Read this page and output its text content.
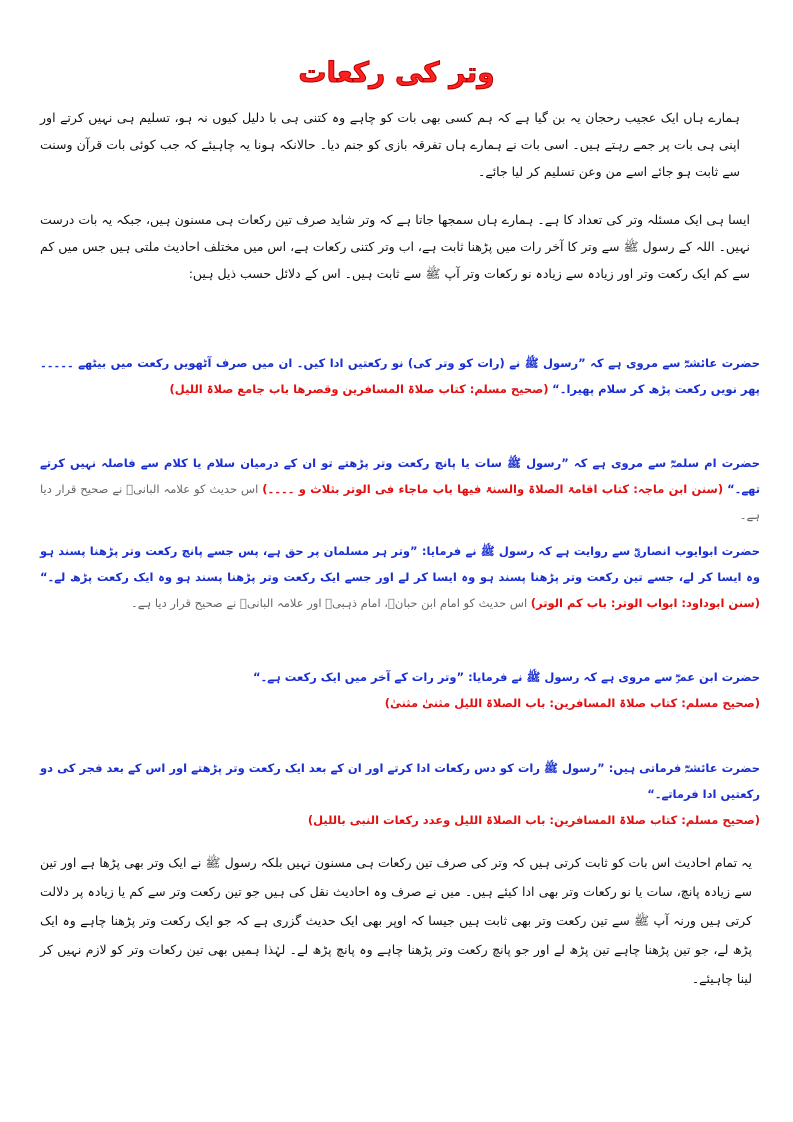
وتر کی رکعات

ہمارے ہاں ایک عجیب رحجان یہ بن گیا ہے کہ ہم کسی بھی بات کو چاہے وہ کتنی ہی با دلیل کیوں نہ ہو، تسلیم ہی نہیں کرتے اور اپنی ہی بات پر جمے رہتے ہیں۔ اسی بات نے ہمارے ہاں تفرقہ بازی کو جنم دیا۔ حالانکہ ہونا یہ چاہیئے کہ جب کوئی بات قرآن وسنت سے ثابت ہو جائے اسے من وعن تسلیم کر لیا جائے۔

ایسا ہی ایک مسئلہ وتر کی تعداد کا ہے۔ ہمارے ہاں سمجھا جاتا ہے کہ وتر شاید صرف تین رکعات ہی مسنون ہیں، جبکہ یہ بات درست نہیں۔ اللہ کے رسول ﷺ سے وتر کا آخر رات میں پڑھنا ثابت ہے، اب وتر کتنی رکعات ہے، اس میں مختلف احادیث ملتی ہیں جس میں کم سے کم ایک رکعت وتر اور زیادہ سے زیادہ نو رکعات وتر آپ ﷺ سے ثابت ہیں۔ اس کے دلائل حسب ذیل ہیں:

حضرت عائشہؓ سے مروی ہے کہ ”رسول ﷺ نے (رات کو وتر کی) نو رکعتیں ادا کیں۔ ان میں صرف آٹھویں رکعت میں بیٹھے ۔۔۔۔۔ پھر نویں رکعت پڑھ کر سلام پھیرا۔“ (صحیح مسلم: کتاب صلاۃ المسافرین وقصرھا باب جامع صلاۃ اللیل)
حضرت ام سلمہؓ سے مروی ہے کہ ”رسول ﷺ سات یا پانچ رکعت وتر پڑھتے تو ان کے درمیان سلام یا کلام سے فاصلہ نہیں کرتے تھے۔“ (سنن ابن ماجہ: کتاب اقامۃ الصلاۃ والسنۃ فیھا باب ماجاء فی الوتر بثلاث و ۔۔۔۔) اس حدیث کو علامہ البانیؒ نے صحیح قرار دیا ہے۔
حضرت ابوایوب انصاریؓ سے روایت ہے کہ رسول ﷺ نے فرمایا: ”وتر ہر مسلمان پر حق ہے، پس جسے پانچ رکعت وتر پڑھنا پسند ہو وہ ایسا کر لے، جسے تین رکعت وتر پڑھنا پسند ہو وہ ایسا کر لے اور جسے ایک رکعت وتر پڑھنا پسند ہو وہ ایک رکعت پڑھ لے۔“ (سنن ابوداود: ابواب الوتر: باب کم الوتر) اس حدیث کو امام ابن حبانؒ، امام ذہبیؒ اور علامہ البانیؒ نے صحیح قرار دیا ہے۔
حضرت ابن عمرؓ سے مروی ہے کہ رسول ﷺ نے فرمایا: ”وتر رات کے آخر میں ایک رکعت ہے۔“
(صحیح مسلم: کتاب صلاۃ المسافرین: باب الصلاۃ اللیل مثنیٰ مثنیٰ)
حضرت عائشہؓ فرماتی ہیں: ”رسول ﷺ رات کو دس رکعات ادا کرتے اور ان کے بعد ایک رکعت وتر پڑھتے اور اس کے بعد فجر کی دو رکعتیں ادا فرماتے۔“
(صحیح مسلم: کتاب صلاۃ المسافرین: باب الصلاۃ اللیل وعدد رکعات النبی باللیل)

یہ تمام احادیث اس بات کو ثابت کرتی ہیں کہ وتر کی صرف تین رکعات ہی مسنون نہیں بلکہ رسول ﷺ نے ایک وتر بھی پڑھا ہے اور تین سے زیادہ پانچ، سات یا نو رکعات وتر بھی ادا کیئے ہیں۔ میں نے صرف وہ احادیث نقل کی ہیں جو تین رکعت وتر سے کم یا زیادہ پر دلالت کرتی ہیں ورنہ آپ ﷺ سے تین رکعت وتر بھی ثابت ہیں جیسا کہ اوپر بھی ایک حدیث گزری ہے کہ جو ایک رکعت وتر پڑھنا چاہے وہ ایک پڑھ لے، جو تین پڑھنا چاہے تین پڑھ لے اور جو پانچ رکعت وتر پڑھنا چاہے وہ پانچ پڑھ لے۔ لہٰذا ہمیں بھی تین رکعات وتر کو لازم نہیں کر لینا چاہیئے۔
